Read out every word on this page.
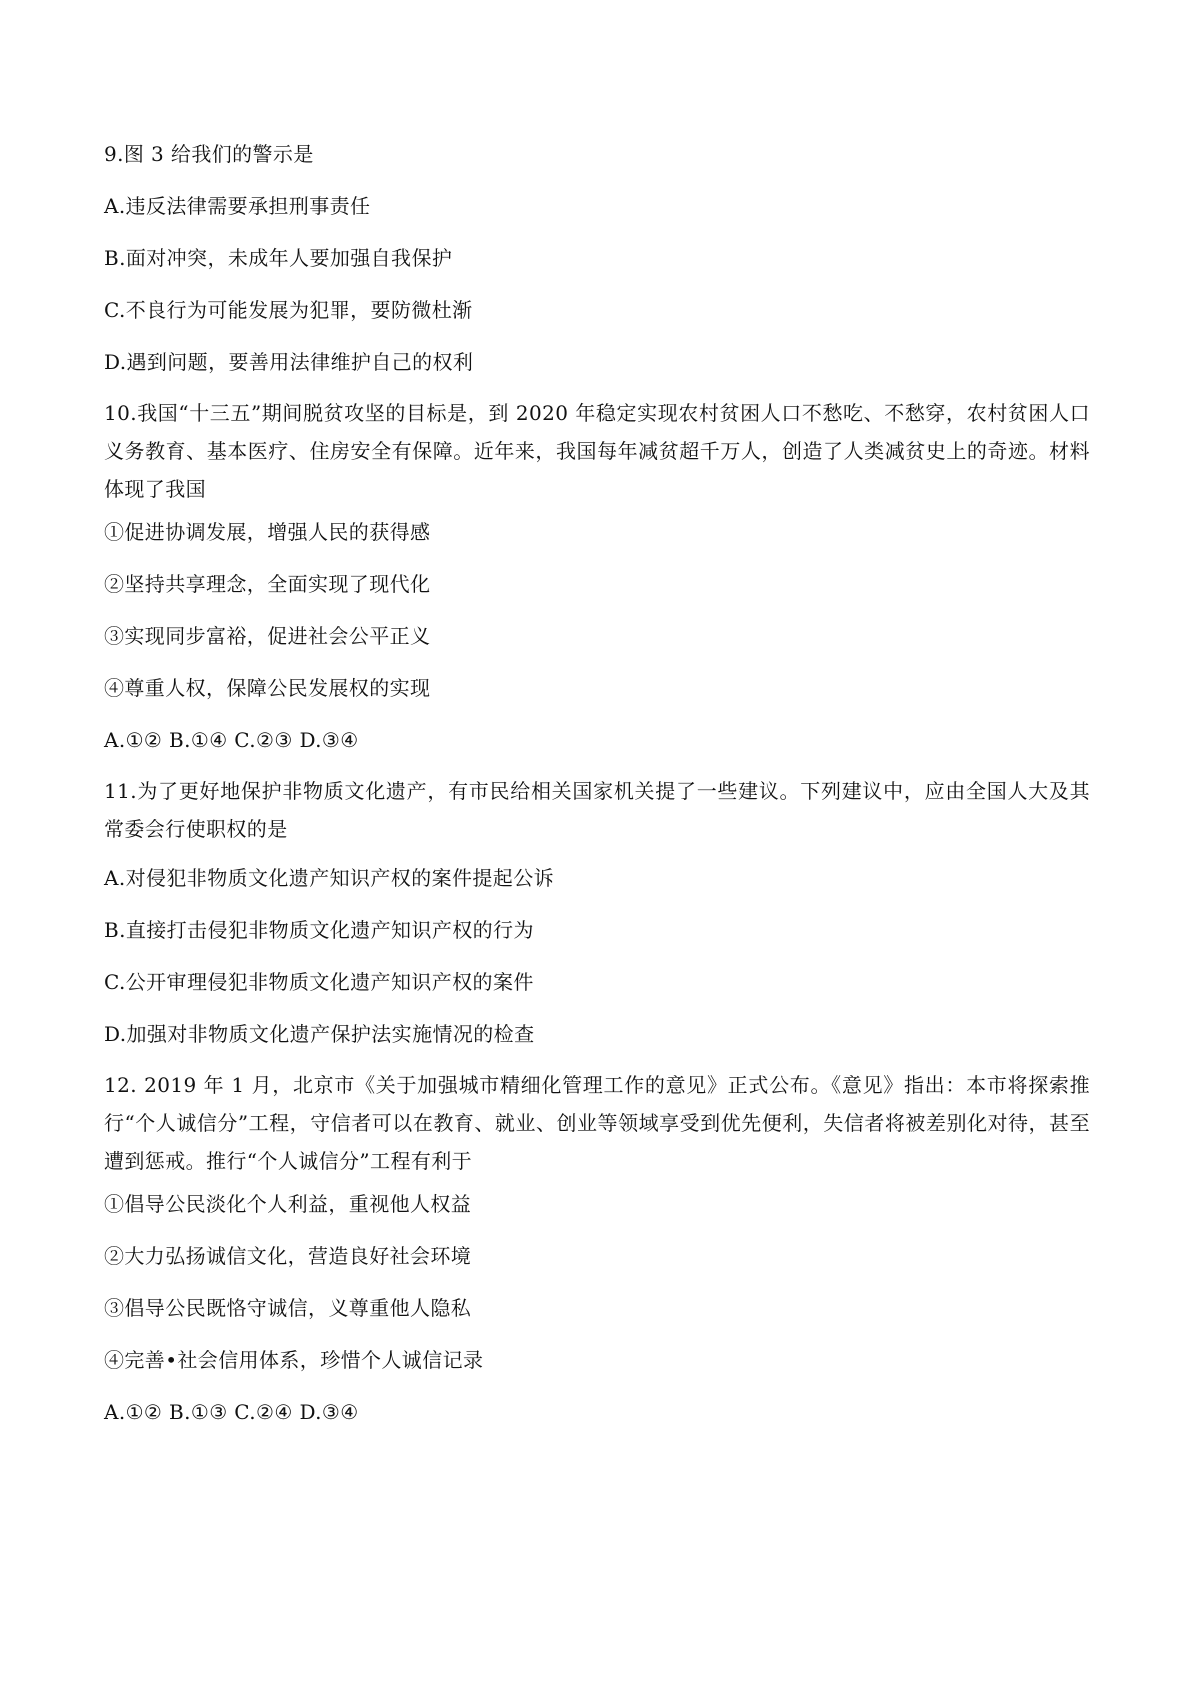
9.图 3 给我们的警示是
A.违反法律需要承担刑事责任
B.面对冲突，未成年人要加强自我保护
C.不良行为可能发展为犯罪，要防微杜渐
D.遇到问题，要善用法律维护自己的权利
10.我国“十三五”期间脱贫攻坚的目标是，到 2020 年稳定实现农村贫困人口不愁吃、不愁穿，农村贫困人口义务教育、基本医疗、住房安全有保障。近年来，我国每年减贫超千万人，创造了人类减贫史上的奇迹。材料体现了我国
①促进协调发展，增强人民的获得感
②坚持共享理念，全面实现了现代化
③实现同步富裕，促进社会公平正义
④尊重人权，保障公民发展权的实现
A.①② B.①④ C.②③ D.③④
11.为了更好地保护非物质文化遗产，有市民给相关国家机关提了一些建议。下列建议中，应由全国人大及其常委会行使职权的是
A.对侵犯非物质文化遗产知识产权的案件提起公诉
B.直接打击侵犯非物质文化遗产知识产权的行为
C.公开审理侵犯非物质文化遗产知识产权的案件
D.加强对非物质文化遗产保护法实施情况的检查
12. 2019 年 1 月，北京市《关于加强城市精细化管理工作的意见》正式公布。《意见》指出：本市将探索推行“个人诚信分”工程，守信者可以在教育、就业、创业等领域享受到优先便利，失信者将被差别化对待，甚至遭到惩戒。推行“个人诚信分”工程有利于
①倡导公民淡化个人利益，重视他人权益
②大力弘扬诚信文化，营造良好社会环境
③倡导公民既恪守诚信，义尊重他人隐私
④完善•社会信用体系，珍惜个人诚信记录
A.①② B.①③ C.②④ D.③④
